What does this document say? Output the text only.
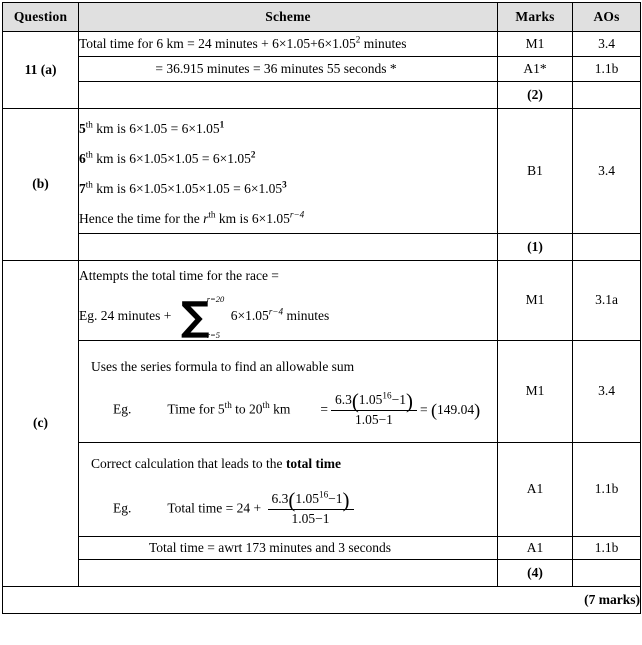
Question	Scheme	Marks	AOs
11 (a)	Total time for 6 km = 24 minutes + $6\times 1.05+6\times 1.05^2$ minutes	M1	3.4
	= 36.915 minutes = 36 minutes 55 seconds *	A1*	1.1b
		(2)	
(b)	5th km is $6\times 1.05 = 6\times 1.05^1$
6th km is $6\times 1.05\times 1.05 = 6\times 1.05^2$
7th km is $6\times 1.05\times 1.05\times 1.05 = 6\times 1.05^3$
Hence the time for the $r^{th}$ km is $6\times 1.05^{r-4}$	B1	3.4
		(1)	
(c)	
Attempts the total time for the race =
Eg. 24 minutes +
r=20
∑
r=5
$6\times 1.05^{r-4}$ minutes
	M1	3.1a

	Uses the series formula to find an allowable sum
Eg. Time for 5th to 20th km = $\frac{6.3(1.05^{16}-1)}{1.05-1} = (149.04)$	M1	3.4

	Correct calculation that leads to the total time
Eg. Total time = $24 + \frac{6.3(1.05^{16}-1)}{1.05-1}$	A1	1.1b
	Total time = awrt 173 minutes and 3 seconds	A1	1.1b
		(4)	
(7 marks)			
